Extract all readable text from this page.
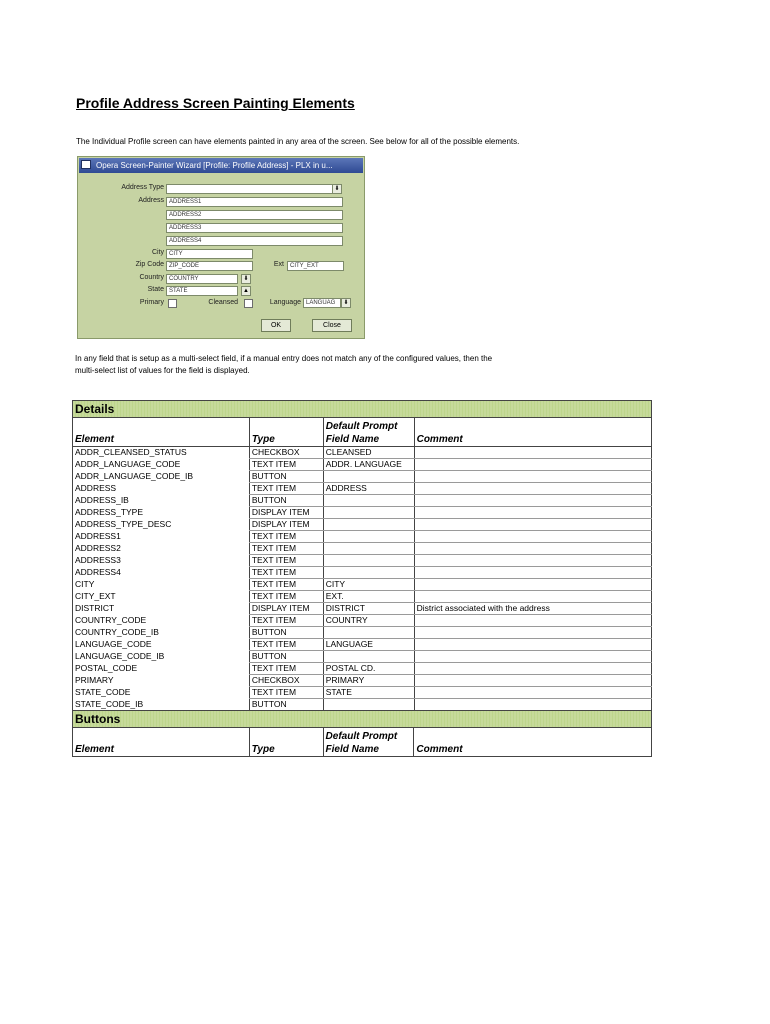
Profile Address Screen Painting Elements
The Individual Profile screen can have elements painted in any area of the screen. See below for all of the possible elements.
Opera Screen-Painter Wizard [Profile: Profile Address] - PLX in u...
Address Type	⬇
Address ADDRESS1
ADDRESS2
ADDRESS3
ADDRESS4
City CITY
Zip Code ZIP_CODE	Ext	CITY_EXT
Country COUNTRY	⬇
State STATE	▲
Primary	Cleansed	Language LANGUAG	⬇
OK	Close
In any field that is setup as a multi-select field, if a manual entry does not match any of the configured values, then the multi-select list of values for the field is displayed.
Details			
Element	Type	Default Prompt
Field Name	Comment
ADDR_CLEANSED_STATUS	CHECKBOX	CLEANSED	
ADDR_LANGUAGE_CODE	TEXT ITEM	ADDR. LANGUAGE	
ADDR_LANGUAGE_CODE_IB	BUTTON		
ADDRESS	TEXT ITEM	ADDRESS	
ADDRESS_IB	BUTTON		
ADDRESS_TYPE	DISPLAY ITEM		
ADDRESS_TYPE_DESC	DISPLAY ITEM		
ADDRESS1	TEXT ITEM		
ADDRESS2	TEXT ITEM		
ADDRESS3	TEXT ITEM		
ADDRESS4	TEXT ITEM		
CITY	TEXT ITEM	CITY	
CITY_EXT	TEXT ITEM	EXT.	
DISTRICT	DISPLAY ITEM	DISTRICT	District associated with the address
COUNTRY_CODE	TEXT ITEM	COUNTRY	
COUNTRY_CODE_IB	BUTTON		
LANGUAGE_CODE	TEXT ITEM	LANGUAGE	
LANGUAGE_CODE_IB	BUTTON		
POSTAL_CODE	TEXT ITEM	POSTAL CD.	
PRIMARY	CHECKBOX	PRIMARY	
STATE_CODE	TEXT ITEM	STATE	
STATE_CODE_IB	BUTTON		
Buttons
Element	Type	
Default Prompt
Field Name	Comment
